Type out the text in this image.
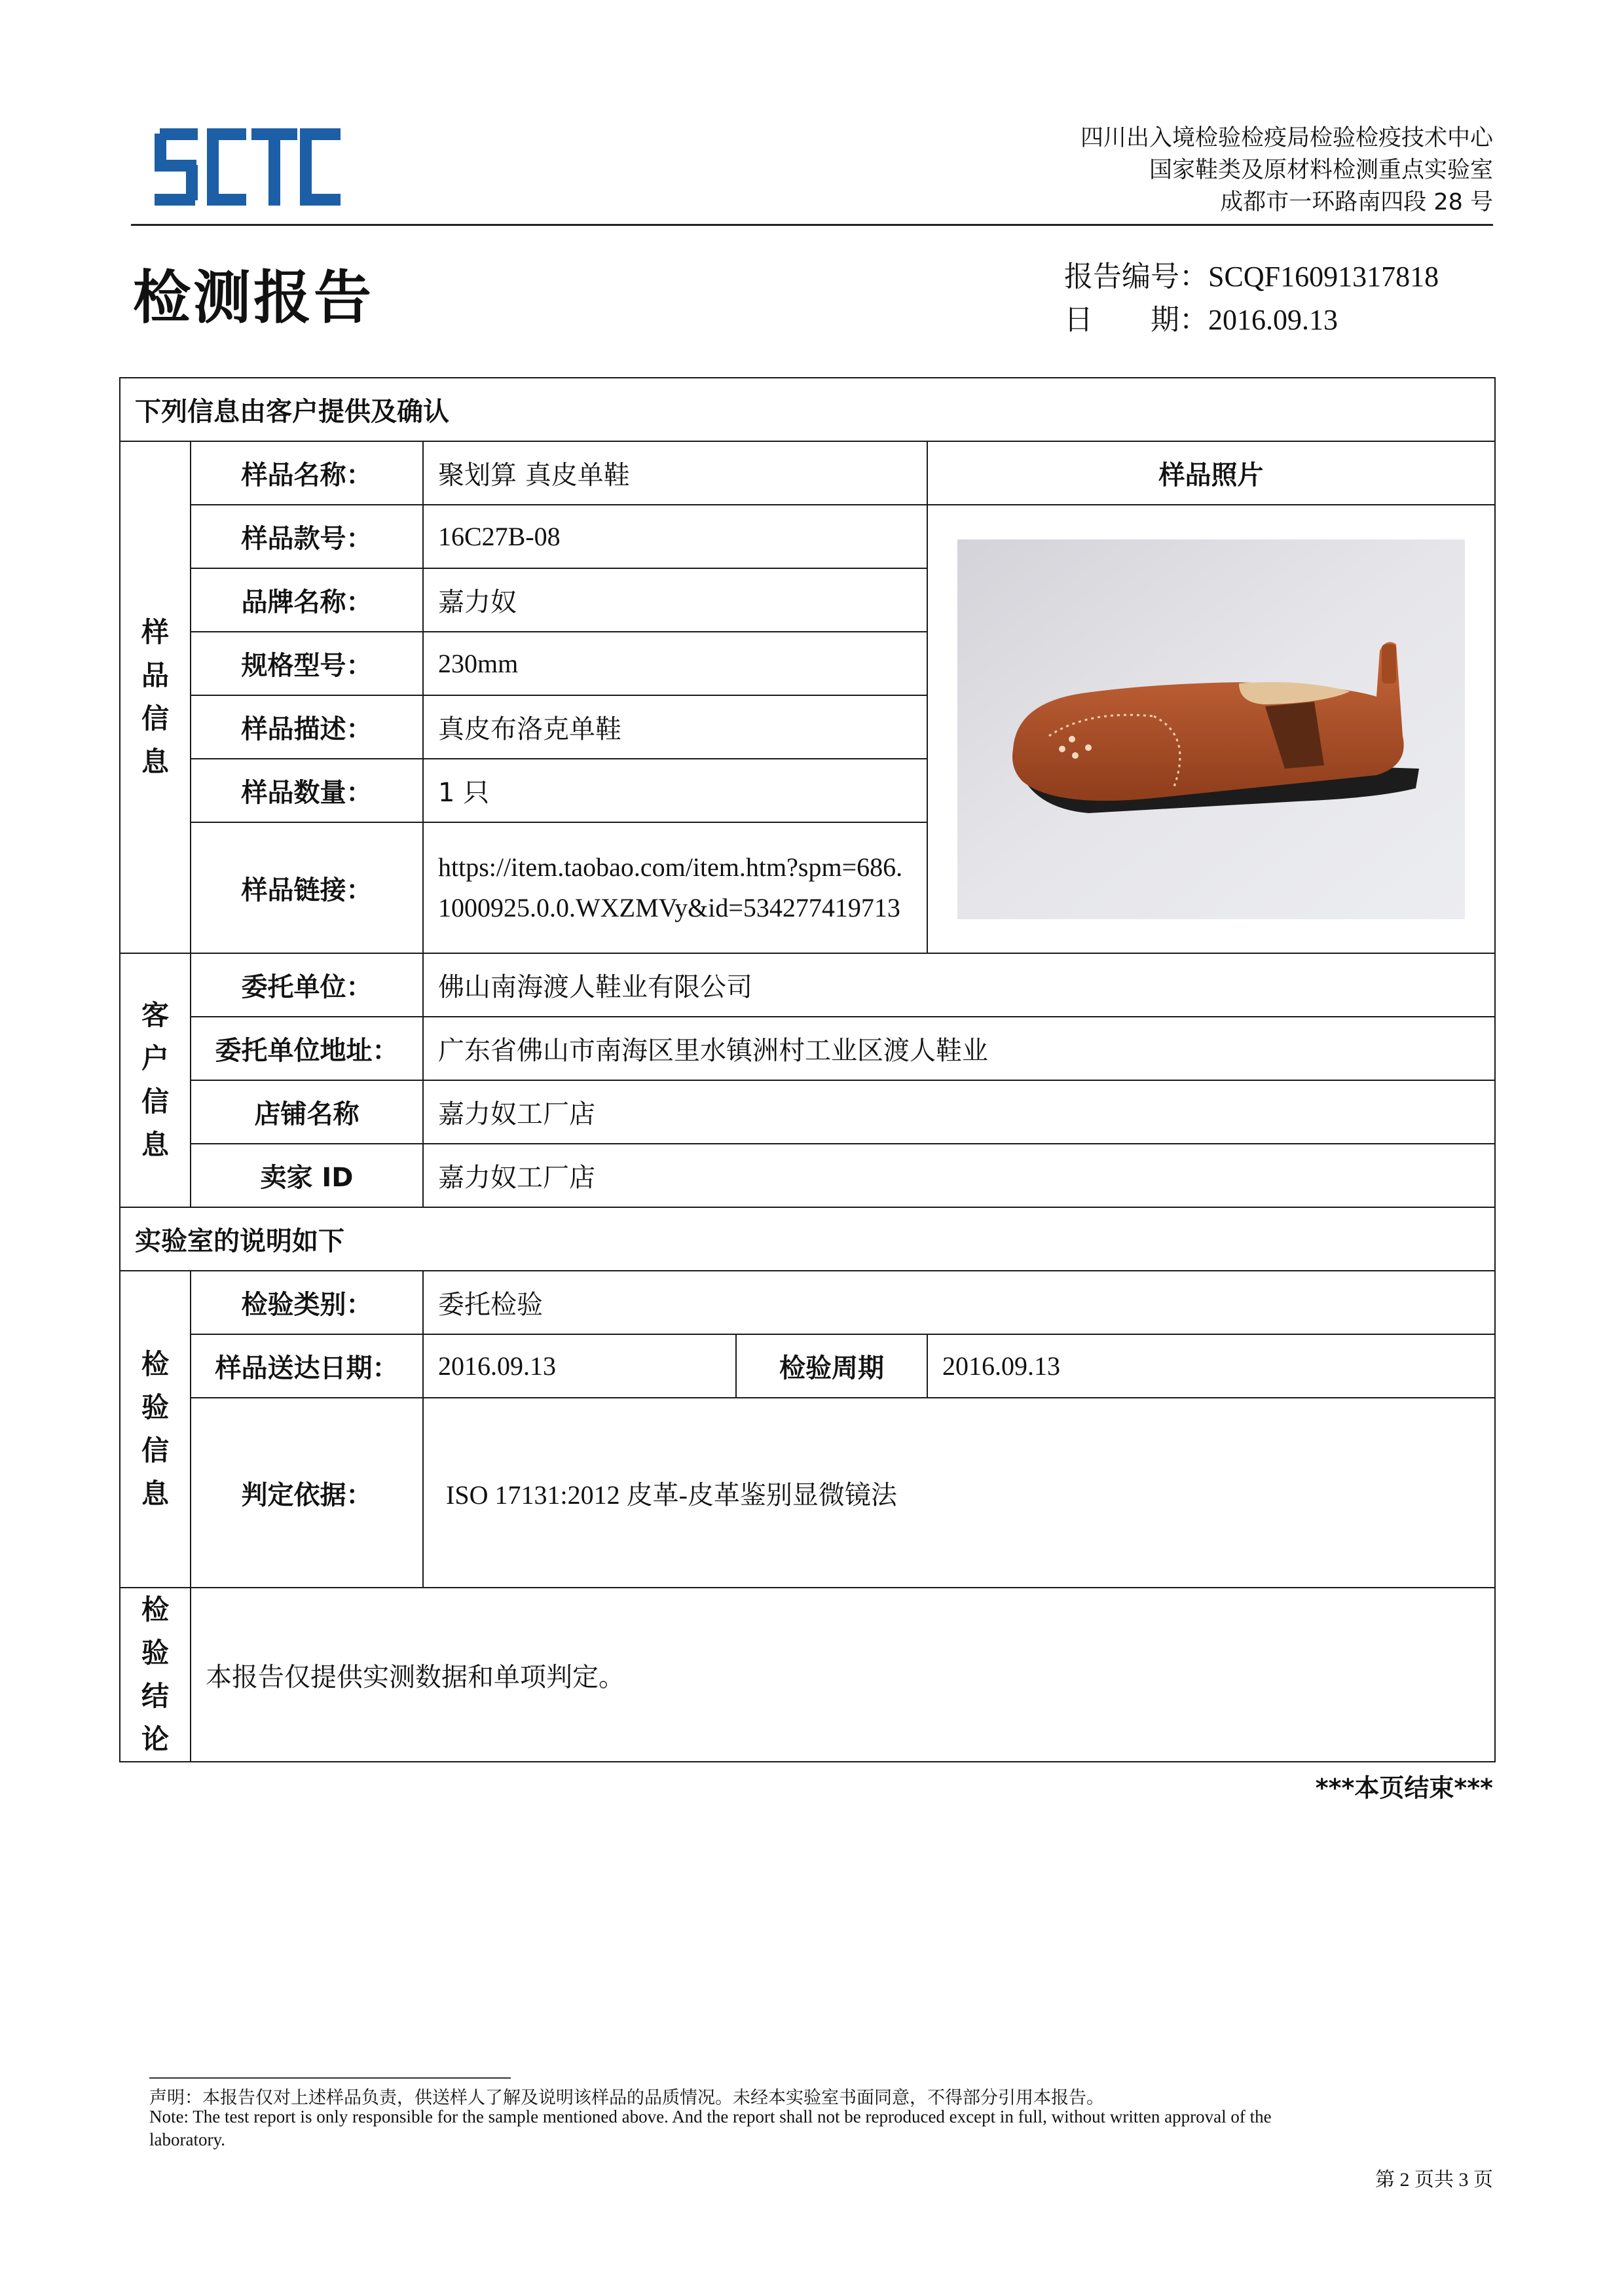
四川出入境检验检疫局检验检疫技术中心
国家鞋类及原材料检测重点实验室
成都市一环路南四段 28 号
检测报告	报告编号：SCQF16091317818
日　　期：2016.09.13
下列信息由客户提供及确认				
样品信息	样品名称：	聚划算 真皮单鞋		样品照片
	样品款号：	16C27B-08	

	品牌名称：	嘉力奴		
	规格型号：	230mm		
	样品描述：	真皮布洛克单鞋		
	样品数量：	1 只		
	样品链接：	https://item.taobao.com/item.htm?spm=686.1000925.0.0.WXZMVy&id=534277419713		
客户信息	委托单位：	佛山南海渡人鞋业有限公司		
	委托单位地址：	广东省佛山市南海区里水镇洲村工业区渡人鞋业		
	店铺名称	嘉力奴工厂店		
	卖家 ID	嘉力奴工厂店		
实验室的说明如下				
检验信息	检验类别：	委托检验		
	样品送达日期：	2016.09.13	检验周期	2016.09.13
	判定依据：	ISO 17131:2012 皮革-皮革鉴别显微镜法		
检验结论	本报告仅提供实测数据和单项判定。			
***本页结束***
声明：本报告仅对上述样品负责，供送样人了解及说明该样品的品质情况。未经本实验室书面同意，不得部分引用本报告。
Note: The test report is only responsible for the sample mentioned above. And the report shall not be reproduced except in full, without written approval of the
laboratory.
第 2 页共 3 页
